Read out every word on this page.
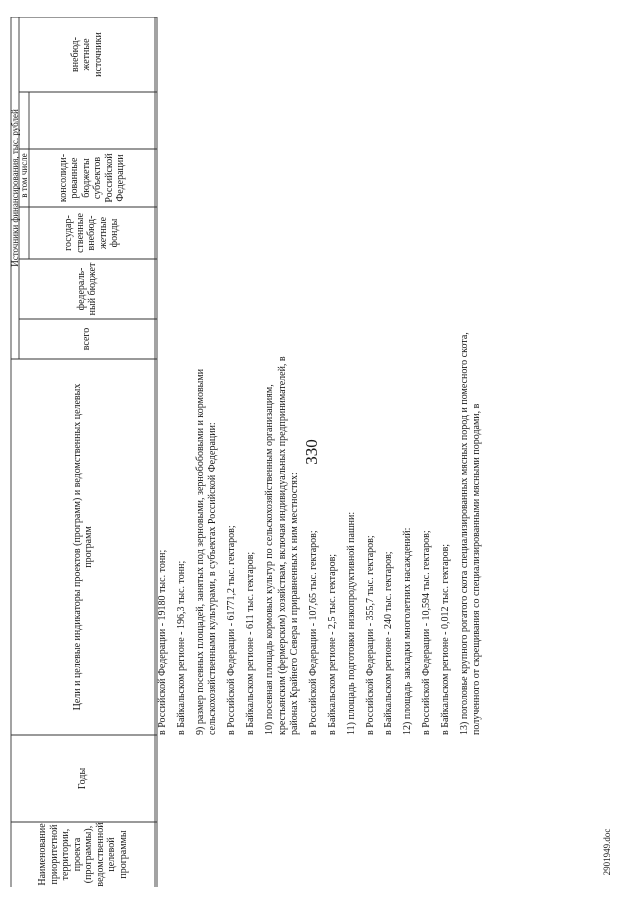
330
2901949.doc
Наименование приоритетной территории, проекта (программы), ведомственной целевой программы
Годы
Цели и целевые индикаторы проектов (программ) и ведомственных целевых программ
Источники финансирования, тыс. рублей
всего
в том числе
федераль-ный бюджет
государ-ственные внебюд-жетные фонды
консолиди-рованные бюджеты субъектов Российской Федерации
внебюд-жетные источники

в Российской Федерации - 19180 тыс. тонн; в Байкальском регионе - 196,3 тыс. тонн; 9) размер посевных площадей, занятых под зерновыми, зернобобовыми и кормовыми сельскохозяйственными культурами, в субъектах Российской Федерации: в Российской Федерации - 61771,2 тыс. гектаров; в Байкальском регионе - 611 тыс. гектаров; 10) посевная площадь кормовых культур по сельскохозяйственным организациям, крестьянским (фермерским) хозяйствам, включая индивидуальных предпринимателей, в районах Крайнего Севера и приравненных к ним местностях: в Российской Федерации - 107,65 тыс. гектаров; в Байкальском регионе - 2,5 тыс. гектаров; 11) площадь подготовки низкопродуктивной пашни: в Российской Федерации - 355,7 тыс. гектаров; в Байкальском регионе - 240 тыс. гектаров; 12) площадь закладки многолетних насаждений: в Российской Федерации - 10,594 тыс. гектаров; в Байкальском регионе - 0,012 тыс. гектаров; 13) поголовье крупного рогатого скота специализированных мясных пород и помесного скота, полученного от скрещивания со специализированными мясными породами, в
